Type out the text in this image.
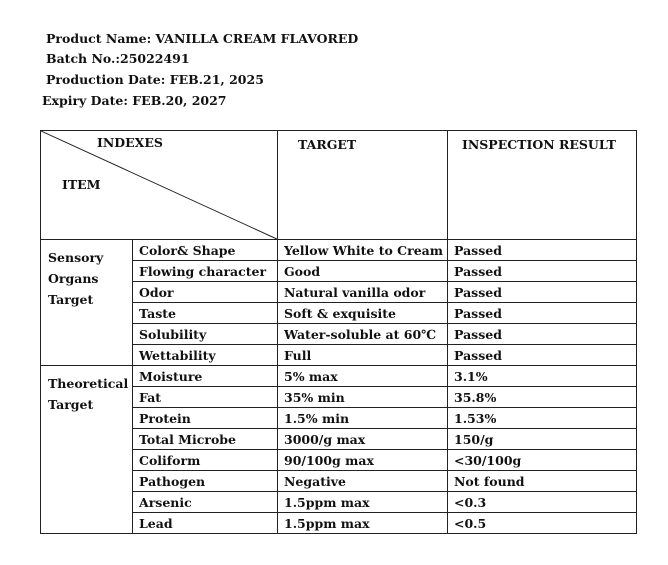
Product Name: VANILLA CREAM FLAVORED
Batch No.:25022491
Production Date: FEB.21, 2025
Expiry Date: FEB.20, 2027
INDEXES
ITEM		TARGET	INSPECTION RESULT
Sensory Organs Target	Color& Shape	Yellow White to Cream	Passed
	Flowing character	Good	Passed
	Odor	Natural vanilla odor	Passed
	Taste	Soft & exquisite	Passed
	Solubility	Water-soluble at 60℃	Passed
	Wettability	Full	Passed
Theoretical Target	Moisture	5% max	3.1%
	Fat	35% min	35.8%
	Protein	1.5% min	1.53%
	Total Microbe	3000/g max	150/g
	Coliform	90/100g max	<30/100g
	Pathogen	Negative	Not found
	Arsenic	1.5ppm max	<0.3
	Lead	1.5ppm max	<0.5
